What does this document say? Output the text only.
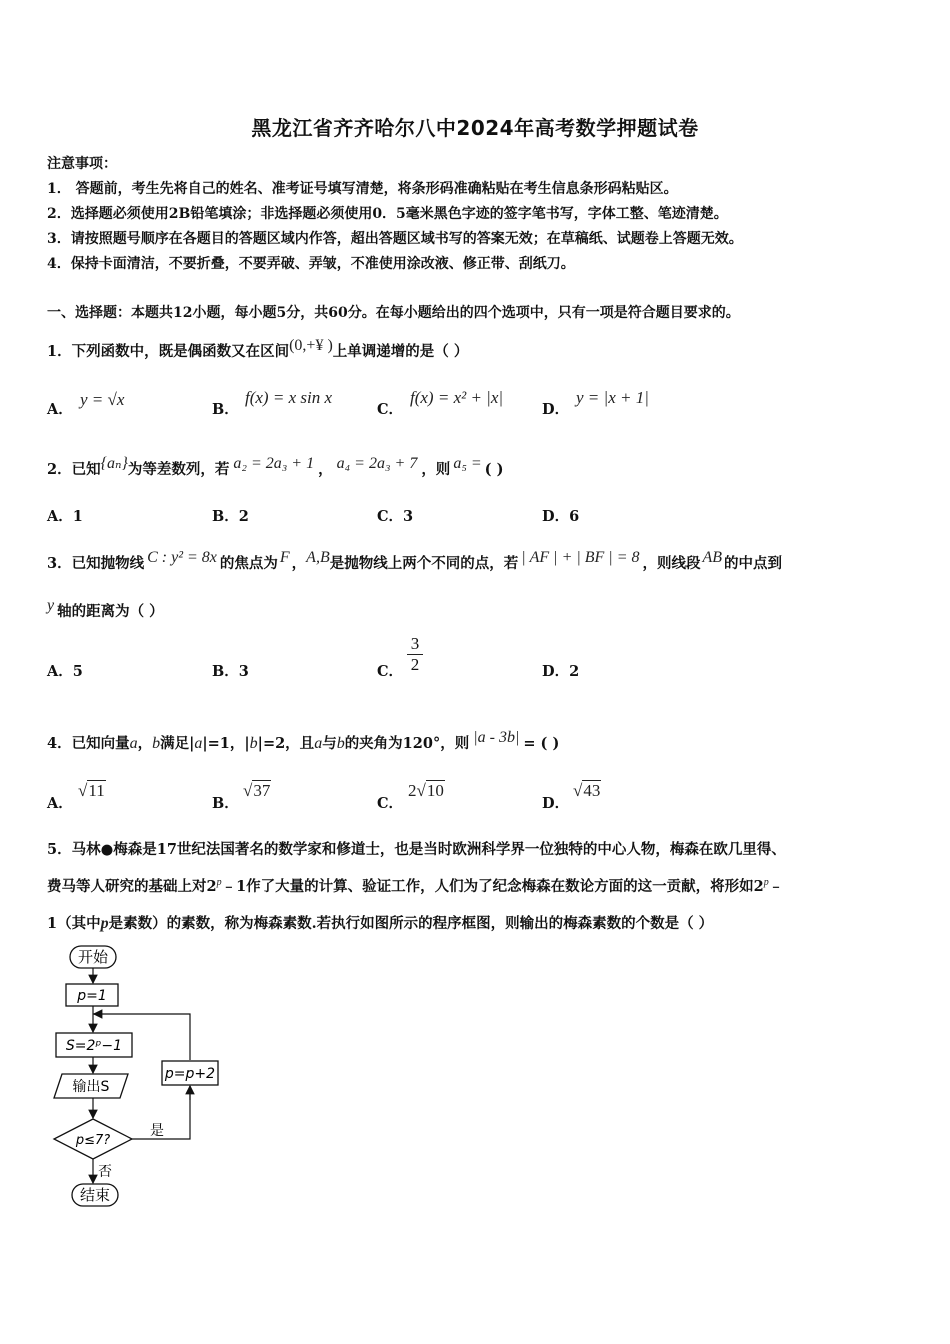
黑龙江省齐齐哈尔八中2024年高考数学押题试卷
注意事项：
1． 答题前，考生先将自己的姓名、准考证号填写清楚，将条形码准确粘贴在考生信息条形码粘贴区。
2．选择题必须使用2B铅笔填涂；非选择题必须使用0．5毫米黑色字迹的签字笔书写，字体工整、笔迹清楚。
3．请按照题号顺序在各题目的答题区域内作答，超出答题区域书写的答案无效；在草稿纸、试题卷上答题无效。
4．保持卡面清洁，不要折叠，不要弄破、弄皱，不准使用涂改液、修正带、刮纸刀。
一、选择题：本题共12小题，每小题5分，共60分。在每小题给出的四个选项中，只有一项是符合题目要求的。
1．下列函数中，既是偶函数又在区间(0,+¥ )上单调递增的是（ ）
A．
y = √x
B．
f(x) = x sin x
C．
f(x) = x² + |x|
D．
y = |x + 1|
2．已知{aₙ}为等差数列，若 a₂ = 2a₃ + 1 ， a₄ = 2a₃ + 7 ，则 a₅ = ( )
A．1	B．2	C．3	D．6
3．已知抛物线 C : y² = 8x 的焦点为 F ，A,B是抛物线上两个不同的点，若 | AF | + | BF | = 8 ，则线段 AB 的中点到
y 轴的距离为（ ）
A．5	B．3	C． $\frac{3}{2}$	D．2
4．已知向量a，b满足|a|=1，|b|=2，且a与b的夹角为120°，则 |a - 3b| = ( )
A．
√11
B．
√37
C．
2√10
D．
√43
5．马林●梅森是17世纪法国著名的数学家和修道士，也是当时欧洲科学界一位独特的中心人物，梅森在欧几里得、
费马等人研究的基础上对2$^p$﹣1作了大量的计算、验证工作，人们为了纪念梅森在数论方面的这一贡献，将形如2$^p$﹣
1（其中p是素数）的素数，称为梅森素数.若执行如图所示的程序框图，则输出的梅森素数的个数是（ ）
开始
p=1
S=2ᵖ−1
输出S
p=p+2
p≤7?
是
否
结束
